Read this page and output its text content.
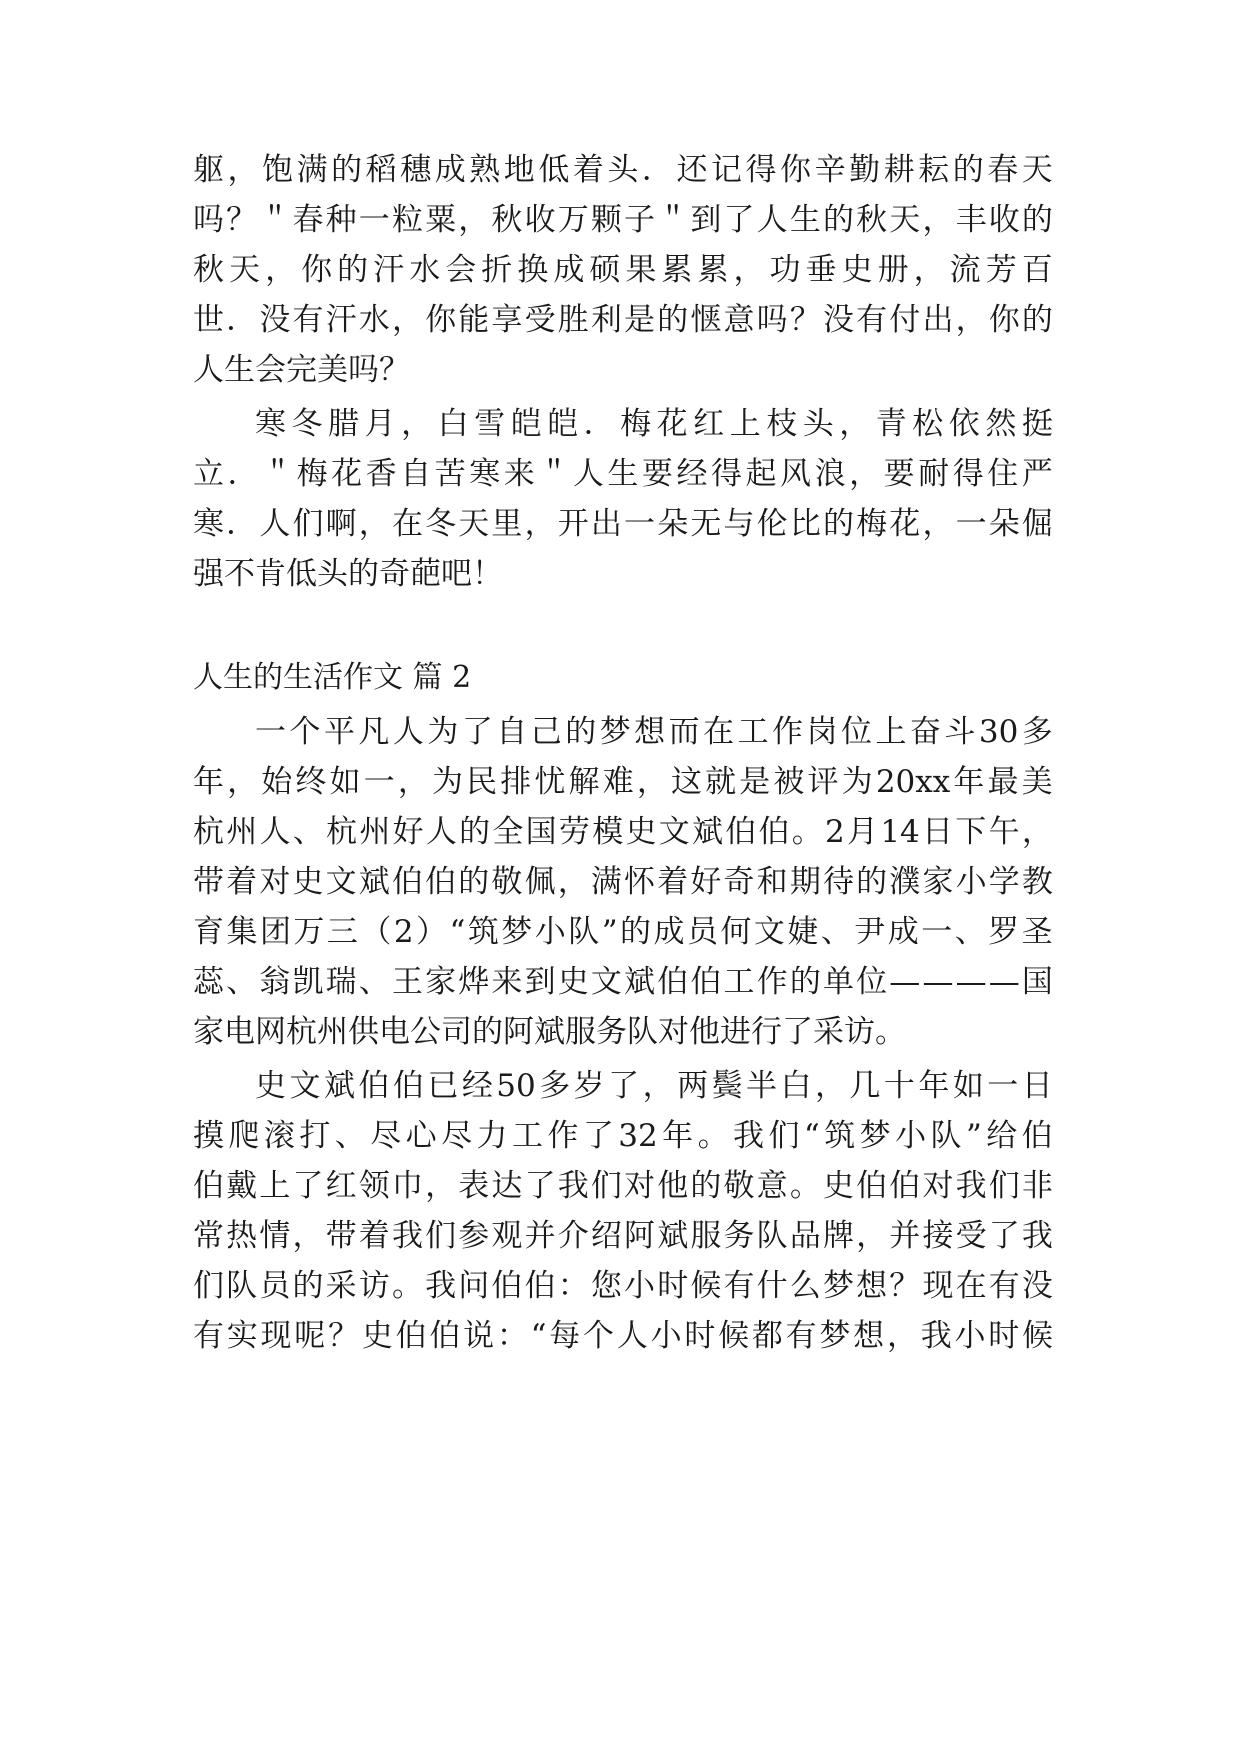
躯 ， 饱 满 的 稻 穗 成 熟 地 低 着 头 ． 还 记 得 你 辛 勤 耕 耘 的 春 天
吗 ？ ＂ 春 种 一 粒 粟 ， 秋 收 万 颗 子 ＂ 到 了 人 生 的 秋 天 ， 丰 收 的
秋 天 ， 你 的 汗 水 会 折 换 成 硕 果 累 累 ， 功 垂 史 册 ， 流 芳 百
世 ． 没 有 汗 水 ， 你 能 享 受 胜 利 是 的 惬 意 吗 ？ 没 有 付 出 ， 你 的
人生会完美吗？
寒 冬 腊 月 ， 白 雪 皑 皑 ． 梅 花 红 上 枝 头 ， 青 松 依 然 挺
立 ． ＂ 梅 花 香 自 苦 寒 来 ＂ 人 生 要 经 得 起 风 浪 ， 要 耐 得 住 严
寒 ． 人 们 啊 ， 在 冬 天 里 ， 开 出 一 朵 无 与 伦 比 的 梅 花 ， 一 朵 倔
强不肯低头的奇葩吧！
人生的生活作文 篇 2
一 个 平 凡 人 为 了 自 己 的 梦 想 而 在 工 作 岗 位 上 奋 斗 30 多
年 ， 始 终 如 一 ， 为 民 排 忧 解 难 ， 这 就 是 被 评 为 20xx 年 最 美
杭 州 人 、 杭 州 好 人 的 全 国 劳 模 史 文 斌 伯 伯 。 2 月 14 日 下 午 ，
带 着 对 史 文 斌 伯 伯 的 敬 佩 ， 满 怀 着 好 奇 和 期 待 的 濮 家 小 学 教
育 集 团 万 三 （ 2 ） “ 筑 梦 小 队 ” 的 成 员 何 文 婕 、 尹 成 一 、 罗 圣
蕊 、 翁 凯 瑞 、 王 家 烨 来 到 史 文 斌 伯 伯 工 作 的 单 位 — — — — 国
家电网杭州供电公司的阿斌服务队对他进行了采访。
史 文 斌 伯 伯 已 经 50 多 岁 了 ， 两 鬓 半 白 ， 几 十 年 如 一 日
摸 爬 滚 打 、 尽 心 尽 力 工 作 了 32 年 。 我 们 “ 筑 梦 小 队 ” 给 伯
伯 戴 上 了 红 领 巾 ， 表 达 了 我 们 对 他 的 敬 意 。 史 伯 伯 对 我 们 非
常 热 情 ， 带 着 我 们 参 观 并 介 绍 阿 斌 服 务 队 品 牌 ， 并 接 受 了 我
们 队 员 的 采 访 。 我 问 伯 伯 ： 您 小 时 候 有 什 么 梦 想 ？ 现 在 有 没
有 实 现 呢 ？ 史 伯 伯 说 ： “ 每 个 人 小 时 候 都 有 梦 想 ， 我 小 时 候
